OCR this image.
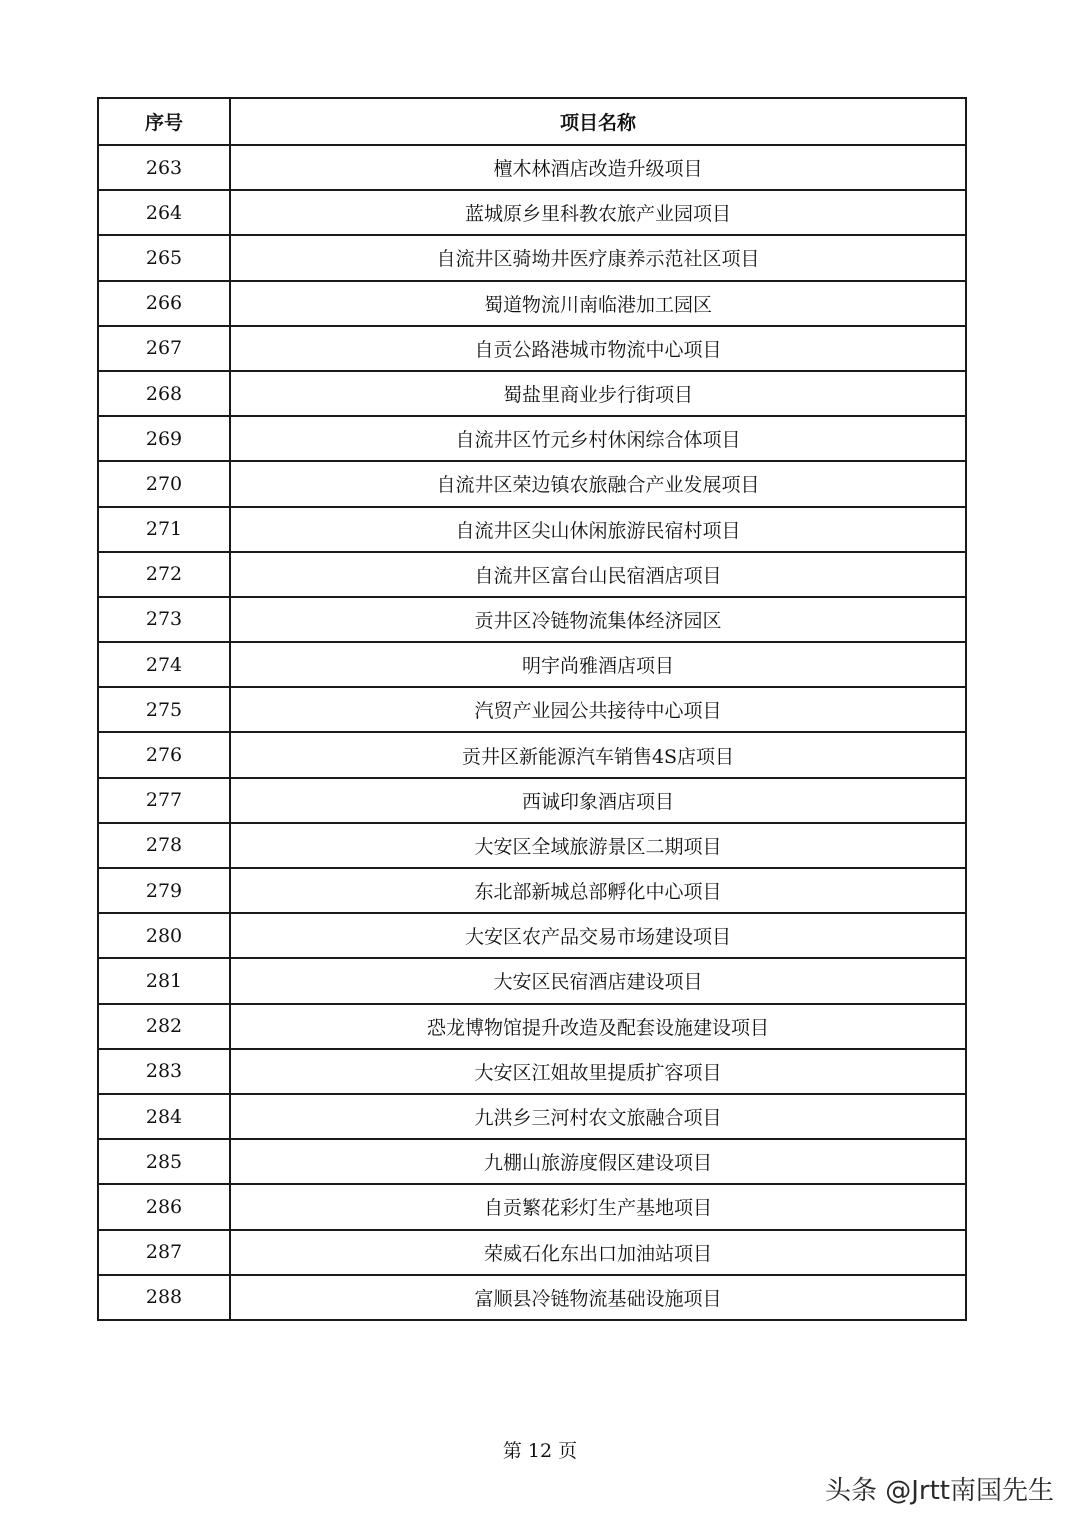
序号	项目名称
263	檀木林酒店改造升级项目
264	蓝城原乡里科教农旅产业园项目
265	自流井区骑坳井医疗康养示范社区项目
266	蜀道物流川南临港加工园区
267	自贡公路港城市物流中心项目
268	蜀盐里商业步行街项目
269	自流井区竹元乡村休闲综合体项目
270	自流井区荣边镇农旅融合产业发展项目
271	自流井区尖山休闲旅游民宿村项目
272	自流井区富台山民宿酒店项目
273	贡井区冷链物流集体经济园区
274	明宇尚雅酒店项目
275	汽贸产业园公共接待中心项目
276	贡井区新能源汽车销售4S店项目
277	西诚印象酒店项目
278	大安区全域旅游景区二期项目
279	东北部新城总部孵化中心项目
280	大安区农产品交易市场建设项目
281	大安区民宿酒店建设项目
282	恐龙博物馆提升改造及配套设施建设项目
283	大安区江姐故里提质扩容项目
284	九洪乡三河村农文旅融合项目
285	九棚山旅游度假区建设项目
286	自贡繁花彩灯生产基地项目
287	荣威石化东出口加油站项目
288	富顺县冷链物流基础设施项目
第 12 页
头条 @Jrtt南国先生
